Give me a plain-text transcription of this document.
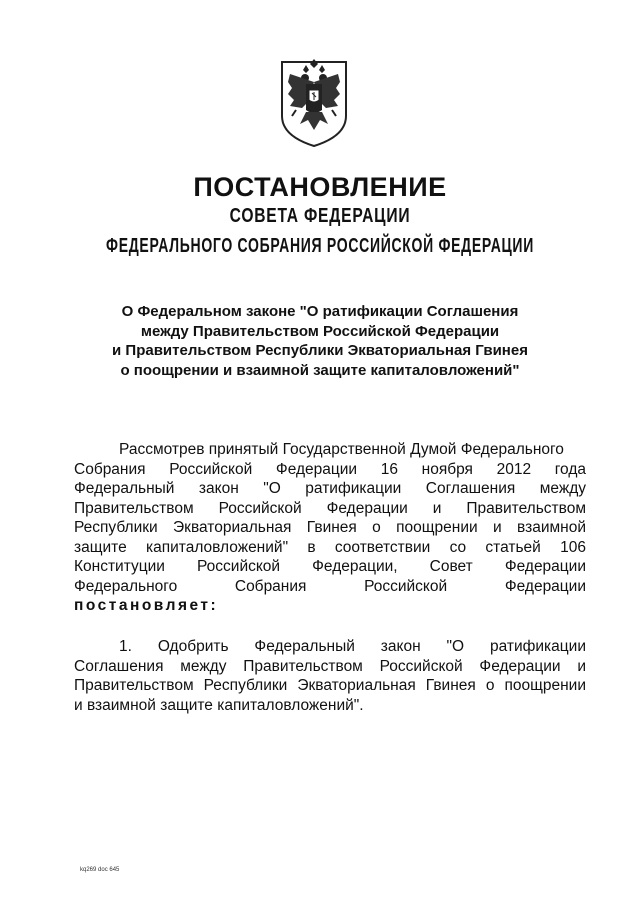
ПОСТАНОВЛЕНИЕ
СОВЕТА ФЕДЕРАЦИИ
ФЕДЕРАЛЬНОГО СОБРАНИЯ РОССИЙСКОЙ ФЕДЕРАЦИИ
О Федеральном законе "О ратификации Соглашения
между Правительством Российской Федерации
и Правительством Республики Экваториальная Гвинея
о поощрении и взаимной защите капиталовложений"
Рассмотрев принятый Государственной Думой Федерального
Собрания Российской Федерации 16 ноября 2012 года
Федеральный закон "О ратификации Соглашения между
Правительством Российской Федерации и Правительством
Республики Экваториальная Гвинея о поощрении и взаимной
защите капиталовложений" в соответствии со статьей 106
Конституции Российской Федерации, Совет Федерации
Федерального Собрания Российской Федерации
постановляет:
1. Одобрить Федеральный закон "О ратификации
Соглашения между Правительством Российской Федерации и
Правительством Республики Экваториальная Гвинея о поощрении
и взаимной защите капиталовложений".
kq269 doc 645
